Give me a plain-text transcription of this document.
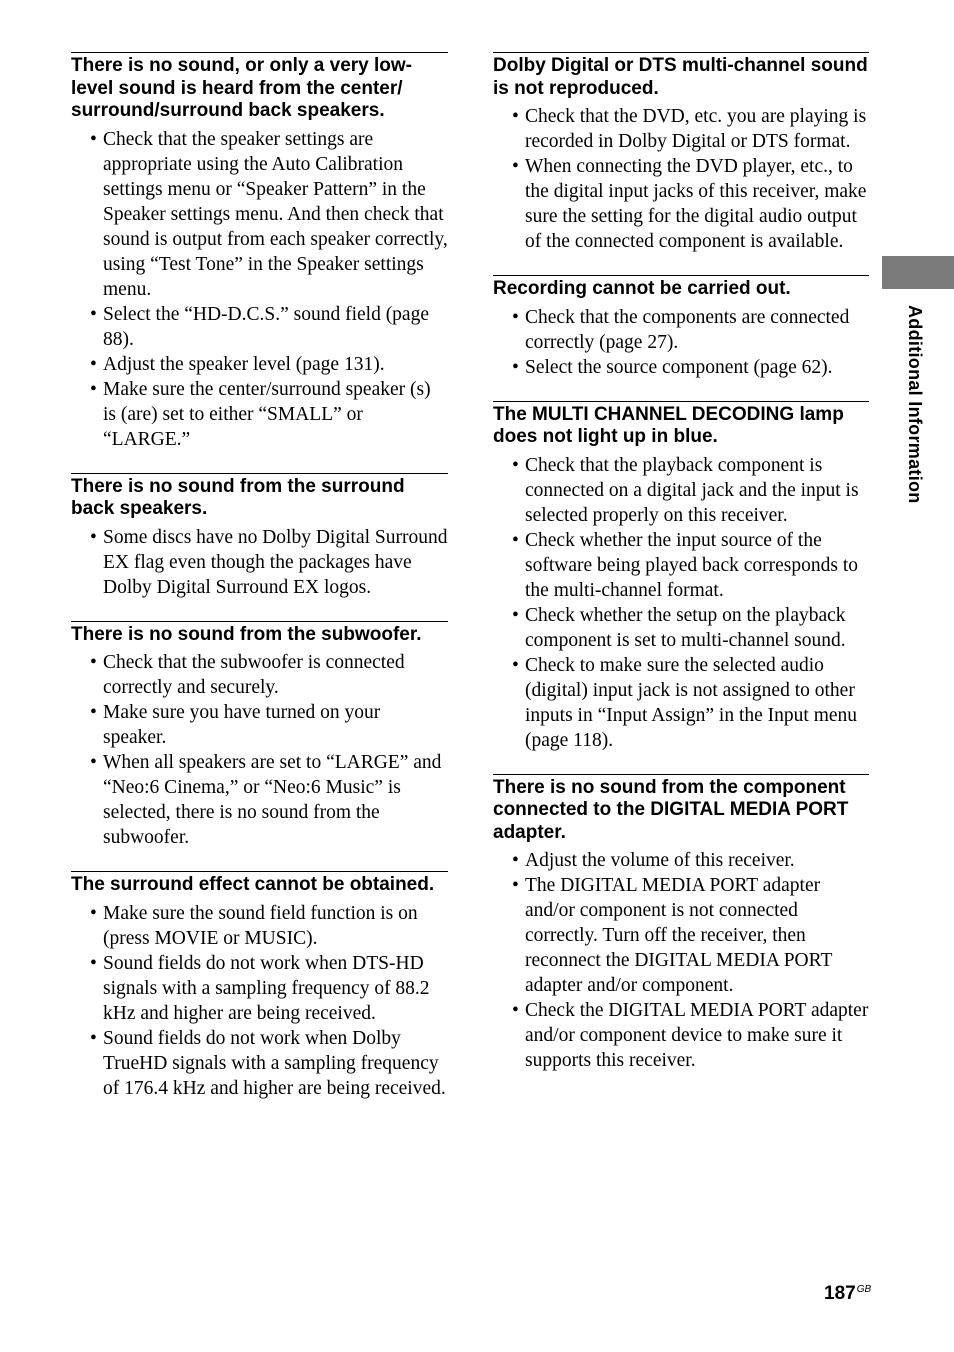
There is no sound, or only a very low-level sound is heard from the center/ surround/surround back speakers.
• Check that the speaker settings are appropriate using the Auto Calibration settings menu or “Speaker Pattern” in the Speaker settings menu. And then check that sound is output from each speaker correctly, using “Test Tone” in the Speaker settings menu.
• Select the “HD-D.C.S.” sound field (page 88).
• Adjust the speaker level (page 131).
• Make sure the center/surround speaker (s) is (are) set to either “SMALL” or “LARGE.”
There is no sound from the surround back speakers.
• Some discs have no Dolby Digital Surround EX flag even though the packages have Dolby Digital Surround EX logos.
There is no sound from the subwoofer.
• Check that the subwoofer is connected correctly and securely.
• Make sure you have turned on your speaker.
• When all speakers are set to “LARGE” and “Neo:6 Cinema,” or “Neo:6 Music” is selected, there is no sound from the subwoofer.
The surround effect cannot be obtained.
• Make sure the sound field function is on (press MOVIE or MUSIC).
• Sound fields do not work when DTS-HD signals with a sampling frequency of 88.2 kHz and higher are being received.
• Sound fields do not work when Dolby TrueHD signals with a sampling frequency of 176.4 kHz and higher are being received.
Dolby Digital or DTS multi-channel sound is not reproduced.
• Check that the DVD, etc. you are playing is recorded in Dolby Digital or DTS format.
• When connecting the DVD player, etc., to the digital input jacks of this receiver, make sure the setting for the digital audio output of the connected component is available.
Recording cannot be carried out.
• Check that the components are connected correctly (page 27).
• Select the source component (page 62).
The MULTI CHANNEL DECODING lamp does not light up in blue.
• Check that the playback component is connected on a digital jack and the input is selected properly on this receiver.
• Check whether the input source of the software being played back corresponds to the multi-channel format.
• Check whether the setup on the playback component is set to multi-channel sound.
• Check to make sure the selected audio (digital) input jack is not assigned to other inputs in “Input Assign” in the Input menu (page 118).
There is no sound from the component connected to the DIGITAL MEDIA PORT adapter.
• Adjust the volume of this receiver.
• The DIGITAL MEDIA PORT adapter and/or component is not connected correctly. Turn off the receiver, then reconnect the DIGITAL MEDIA PORT adapter and/or component.
• Check the DIGITAL MEDIA PORT adapter and/or component device to make sure it supports this receiver.
Additional Information
$187^{GB}$
